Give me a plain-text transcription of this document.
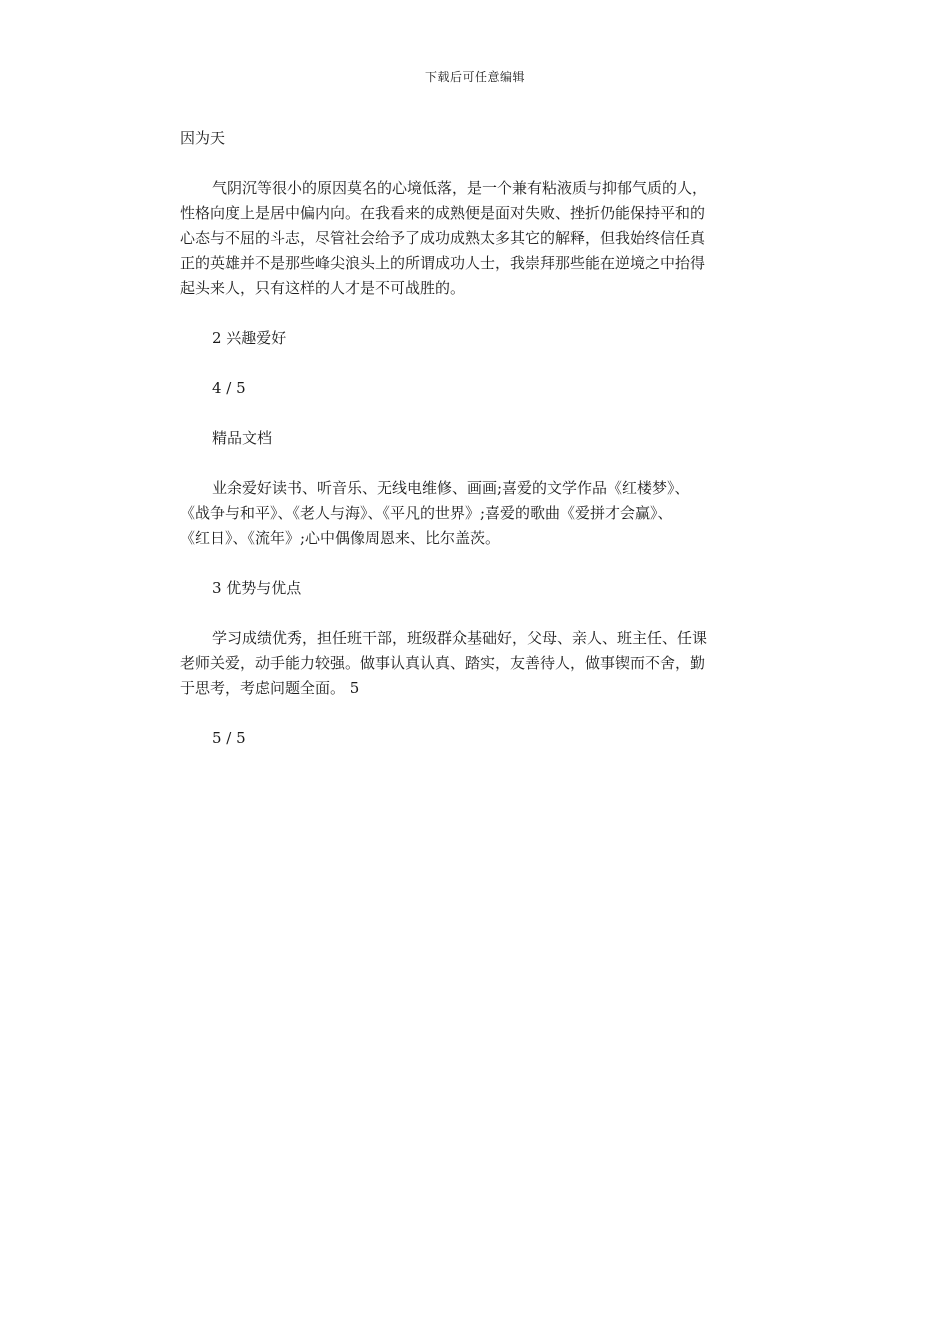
下载后可任意编辑

因为天

气阴沉等很小的原因莫名的心境低落，是一个兼有粘液质与抑郁气质的人，
性格向度上是居中偏内向。在我看来的成熟便是面对失败、挫折仍能保持平和的
心态与不屈的斗志，尽管社会给予了成功成熟太多其它的解释，但我始终信任真
正的英雄并不是那些峰尖浪头上的所谓成功人士，我崇拜那些能在逆境之中抬得
起头来人，只有这样的人才是不可战胜的。

2 兴趣爱好

4 / 5

精品文档

业余爱好读书、听音乐、无线电维修、画画;喜爱的文学作品《红楼梦》、
《战争与和平》、《老人与海》、《平凡的世界》;喜爱的歌曲《爱拼才会赢》、
《红日》、《流年》;心中偶像周恩来、比尔盖茨。

3 优势与优点

学习成绩优秀，担任班干部，班级群众基础好，父母、亲人、班主任、任课
老师关爱，动手能力较强。做事认真认真、踏实，友善待人，做事锲而不舍，勤
于思考，考虑问题全面。 5

5 / 5
